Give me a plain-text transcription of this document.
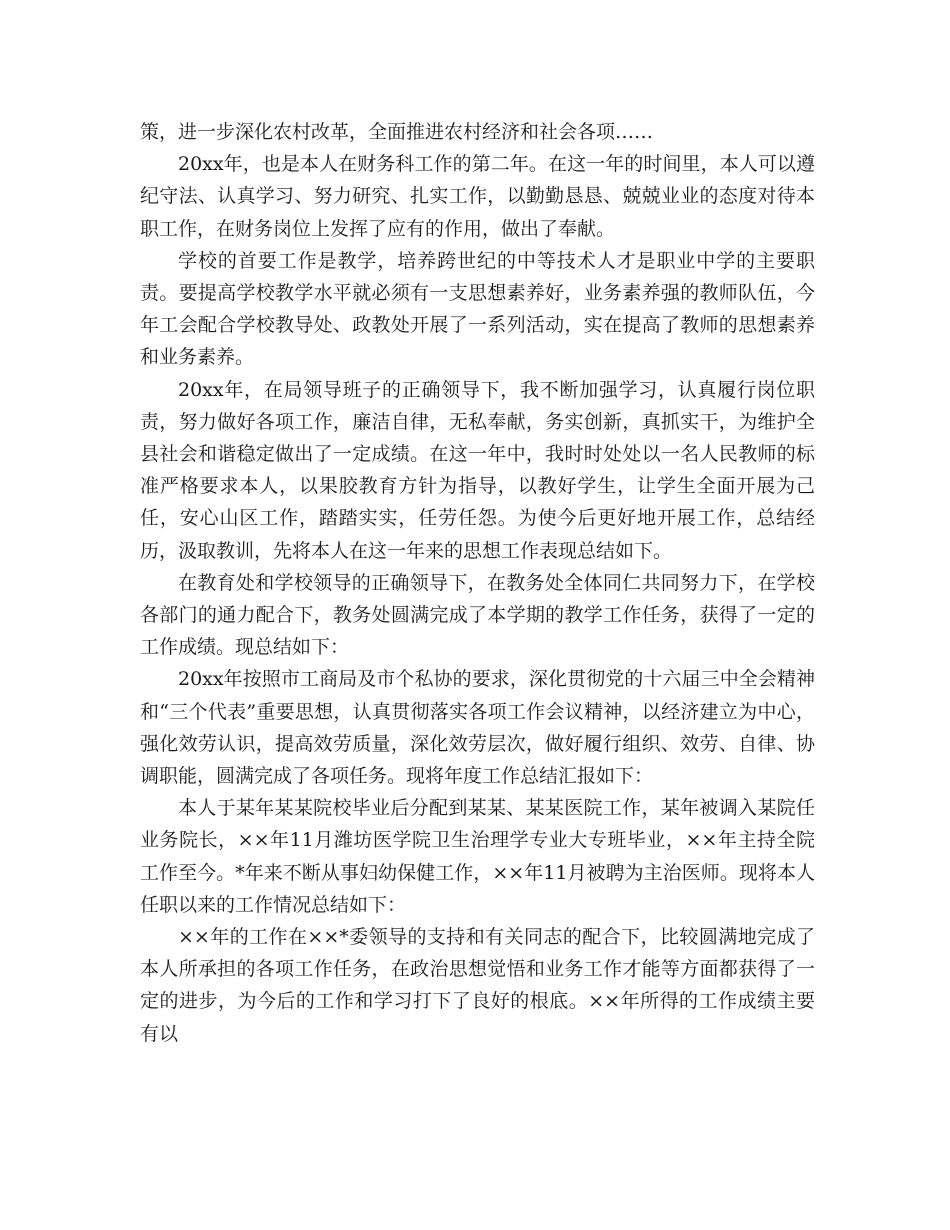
策，进一步深化农村改革，全面推进农村经济和社会各项……

20xx年，也是本人在财务科工作的第二年。在这一年的时间里，本人可以遵纪守法、认真学习、努力研究、扎实工作，以勤勤恳恳、兢兢业业的态度对待本职工作，在财务岗位上发挥了应有的作用，做出了奉献。

学校的首要工作是教学，培养跨世纪的中等技术人才是职业中学的主要职责。要提高学校教学水平就必须有一支思想素养好，业务素养强的教师队伍，今年工会配合学校教导处、政教处开展了一系列活动，实在提高了教师的思想素养和业务素养。

20xx年，在局领导班子的正确领导下，我不断加强学习，认真履行岗位职责，努力做好各项工作，廉洁自律，无私奉献，务实创新，真抓实干，为维护全县社会和谐稳定做出了一定成绩。在这一年中，我时时处处以一名人民教师的标准严格要求本人，以果胶教育方针为指导，以教好学生，让学生全面开展为己任，安心山区工作，踏踏实实，任劳任怨。为使今后更好地开展工作，总结经历，汲取教训，先将本人在这一年来的思想工作表现总结如下。

在教育处和学校领导的正确领导下，在教务处全体同仁共同努力下，在学校各部门的通力配合下，教务处圆满完成了本学期的教学工作任务，获得了一定的工作成绩。现总结如下：

20xx年按照市工商局及市个私协的要求，深化贯彻党的十六届三中全会精神和“三个代表”重要思想，认真贯彻落实各项工作会议精神，以经济建立为中心，强化效劳认识，提高效劳质量，深化效劳层次，做好履行组织、效劳、自律、协调职能，圆满完成了各项任务。现将年度工作总结汇报如下：

本人于某年某某院校毕业后分配到某某、某某医院工作，某年被调入某院任业务院长，××年11月潍坊医学院卫生治理学专业大专班毕业，××年主持全院工作至今。*年来不断从事妇幼保健工作，××年11月被聘为主治医师。现将本人任职以来的工作情况总结如下：

××年的工作在××*委领导的支持和有关同志的配合下，比较圆满地完成了本人所承担的各项工作任务，在政治思想觉悟和业务工作才能等方面都获得了一定的进步，为今后的工作和学习打下了良好的根底。××年所得的工作成绩主要有以
